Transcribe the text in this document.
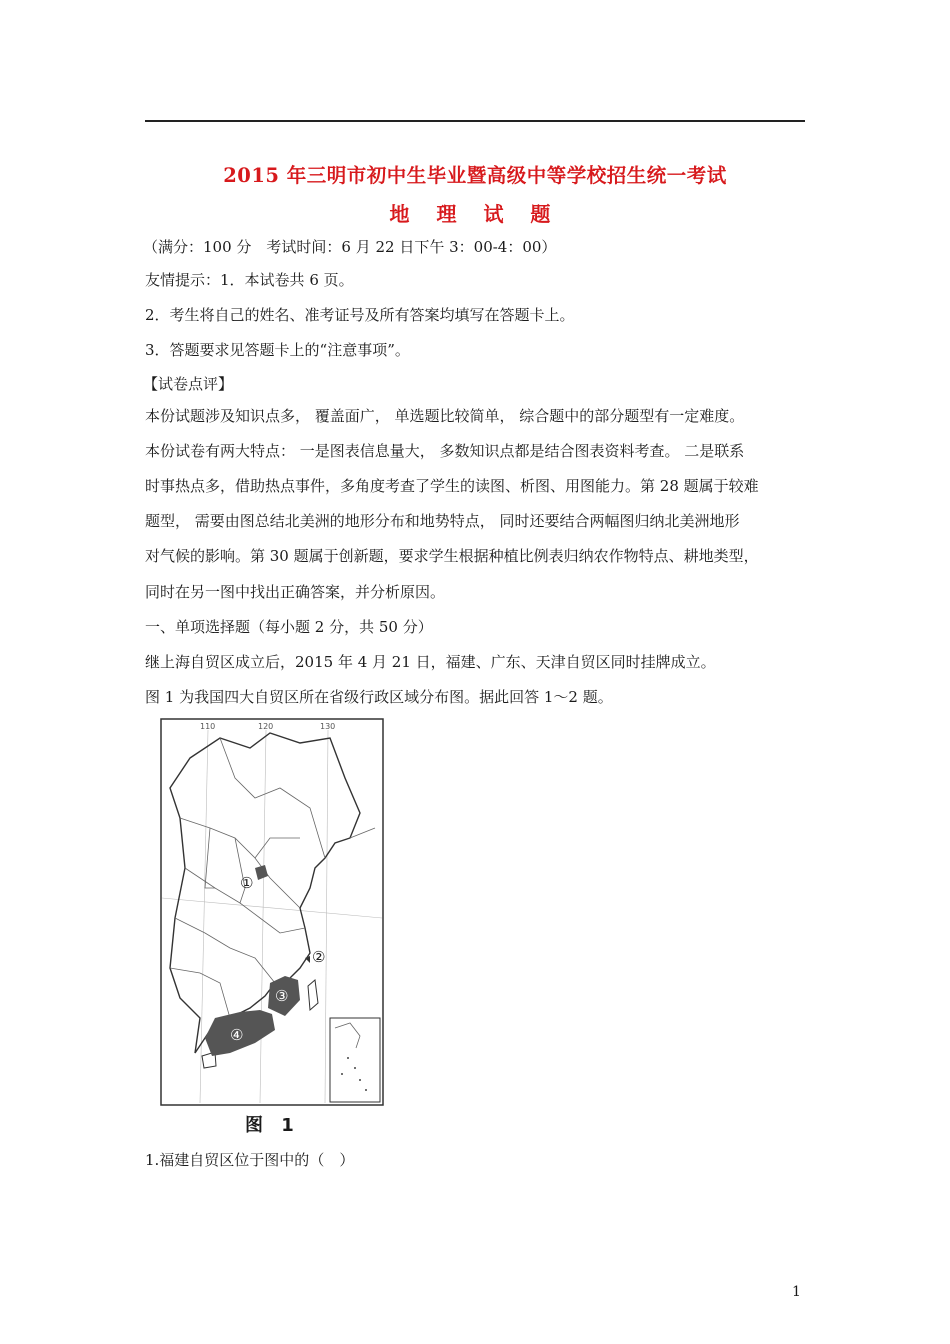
2015 年三明市初中生毕业暨高级中等学校招生统一考试
地 理 试 题
（满分：100 分　考试时间：6 月 22 日下午 3：00-4：00）
友情提示：1．本试卷共 6 页。
2．考生将自己的姓名、准考证号及所有答案均填写在答题卡上。
3．答题要求见答题卡上的“注意事项”。
【试卷点评】
本份试题涉及知识点多， 覆盖面广， 单选题比较简单， 综合题中的部分题型有一定难度。
本份试卷有两大特点： 一是图表信息量大， 多数知识点都是结合图表资料考查。 二是联系
时事热点多，借助热点事件，多角度考查了学生的读图、析图、用图能力。第 28 题属于较难
题型， 需要由图总结北美洲的地形分布和地势特点， 同时还要结合两幅图归纳北美洲地形
对气候的影响。第 30 题属于创新题，要求学生根据种植比例表归纳农作物特点、耕地类型，
同时在另一图中找出正确答案，并分析原因。
一、单项选择题（每小题 2 分，共 50 分）
继上海自贸区成立后，2015 年 4 月 21 日，福建、广东、天津自贸区同时挂牌成立。
图 1 为我国四大自贸区所在省级行政区域分布图。据此回答 1～2 题。
110	120	130
①
②
③
④
图 1
1.福建自贸区位于图中的（　）
1
